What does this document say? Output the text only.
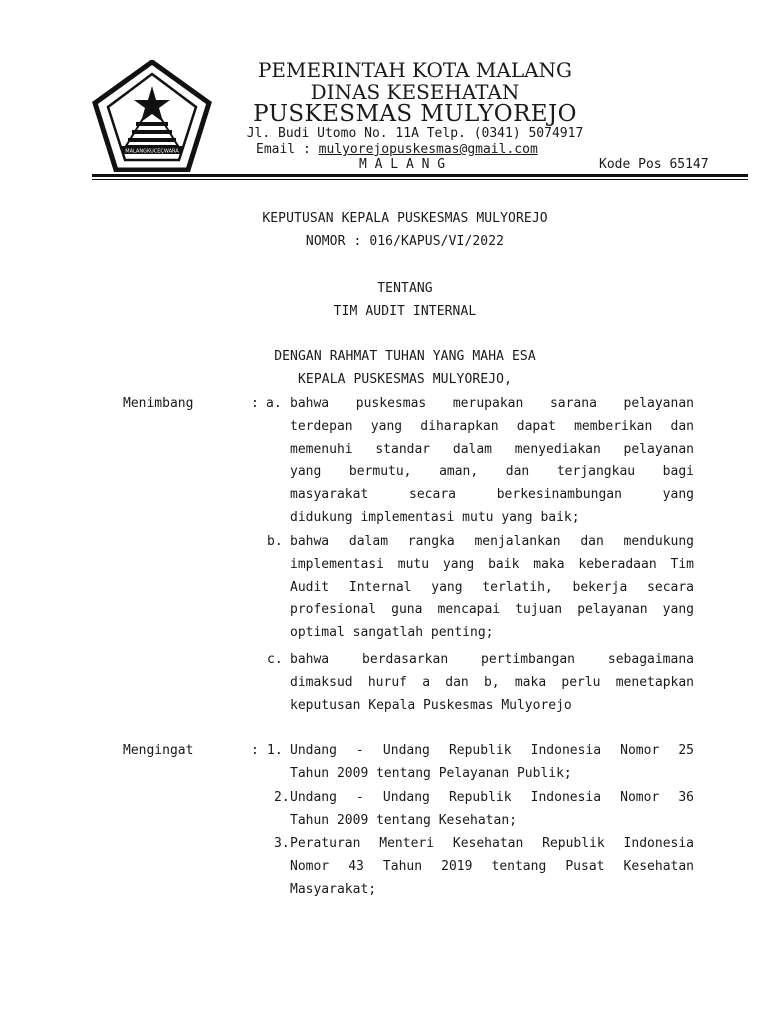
MALANGKUCEÇWARA
PEMERINTAH KOTA MALANG
DINAS KESEHATAN
PUSKESMAS MULYOREJO
Jl. Budi Utomo No. 11A Telp. (0341) 5074917
Email : mulyorejopuskesmas@gmail.com
M A L A N G	Kode Pos 65147
KEPUTUSAN KEPALA PUSKESMAS MULYOREJO
NOMOR : 016/KAPUS/VI/2022
TENTANG
TIM AUDIT INTERNAL
DENGAN RAHMAT TUHAN YANG MAHA ESA
KEPALA PUSKESMAS MULYOREJO,
Menimbang	: a. bahwa puskesmas merupakan sarana pelayanan
terdepan yang diharapkan dapat memberikan dan
memenuhi standar dalam menyediakan pelayanan
yang bermutu, aman, dan terjangkau bagi
masyarakat secara berkesinambungan yang
didukung implementasi mutu yang baik;
b. bahwa dalam rangka menjalankan dan mendukung
implementasi mutu yang baik maka keberadaan Tim
Audit Internal yang terlatih, bekerja secara
profesional guna mencapai tujuan pelayanan yang
optimal sangatlah penting;
c. bahwa berdasarkan pertimbangan sebagaimana
dimaksud huruf a dan b, maka perlu menetapkan
keputusan Kepala Puskesmas Mulyorejo
Mengingat	: 1. Undang - Undang Republik Indonesia Nomor 25
Tahun 2009 tentang Pelayanan Publik;
2. Undang - Undang Republik Indonesia Nomor 36
Tahun 2009 tentang Kesehatan;
3. Peraturan Menteri Kesehatan Republik Indonesia
Nomor 43 Tahun 2019 tentang Pusat Kesehatan
Masyarakat;
